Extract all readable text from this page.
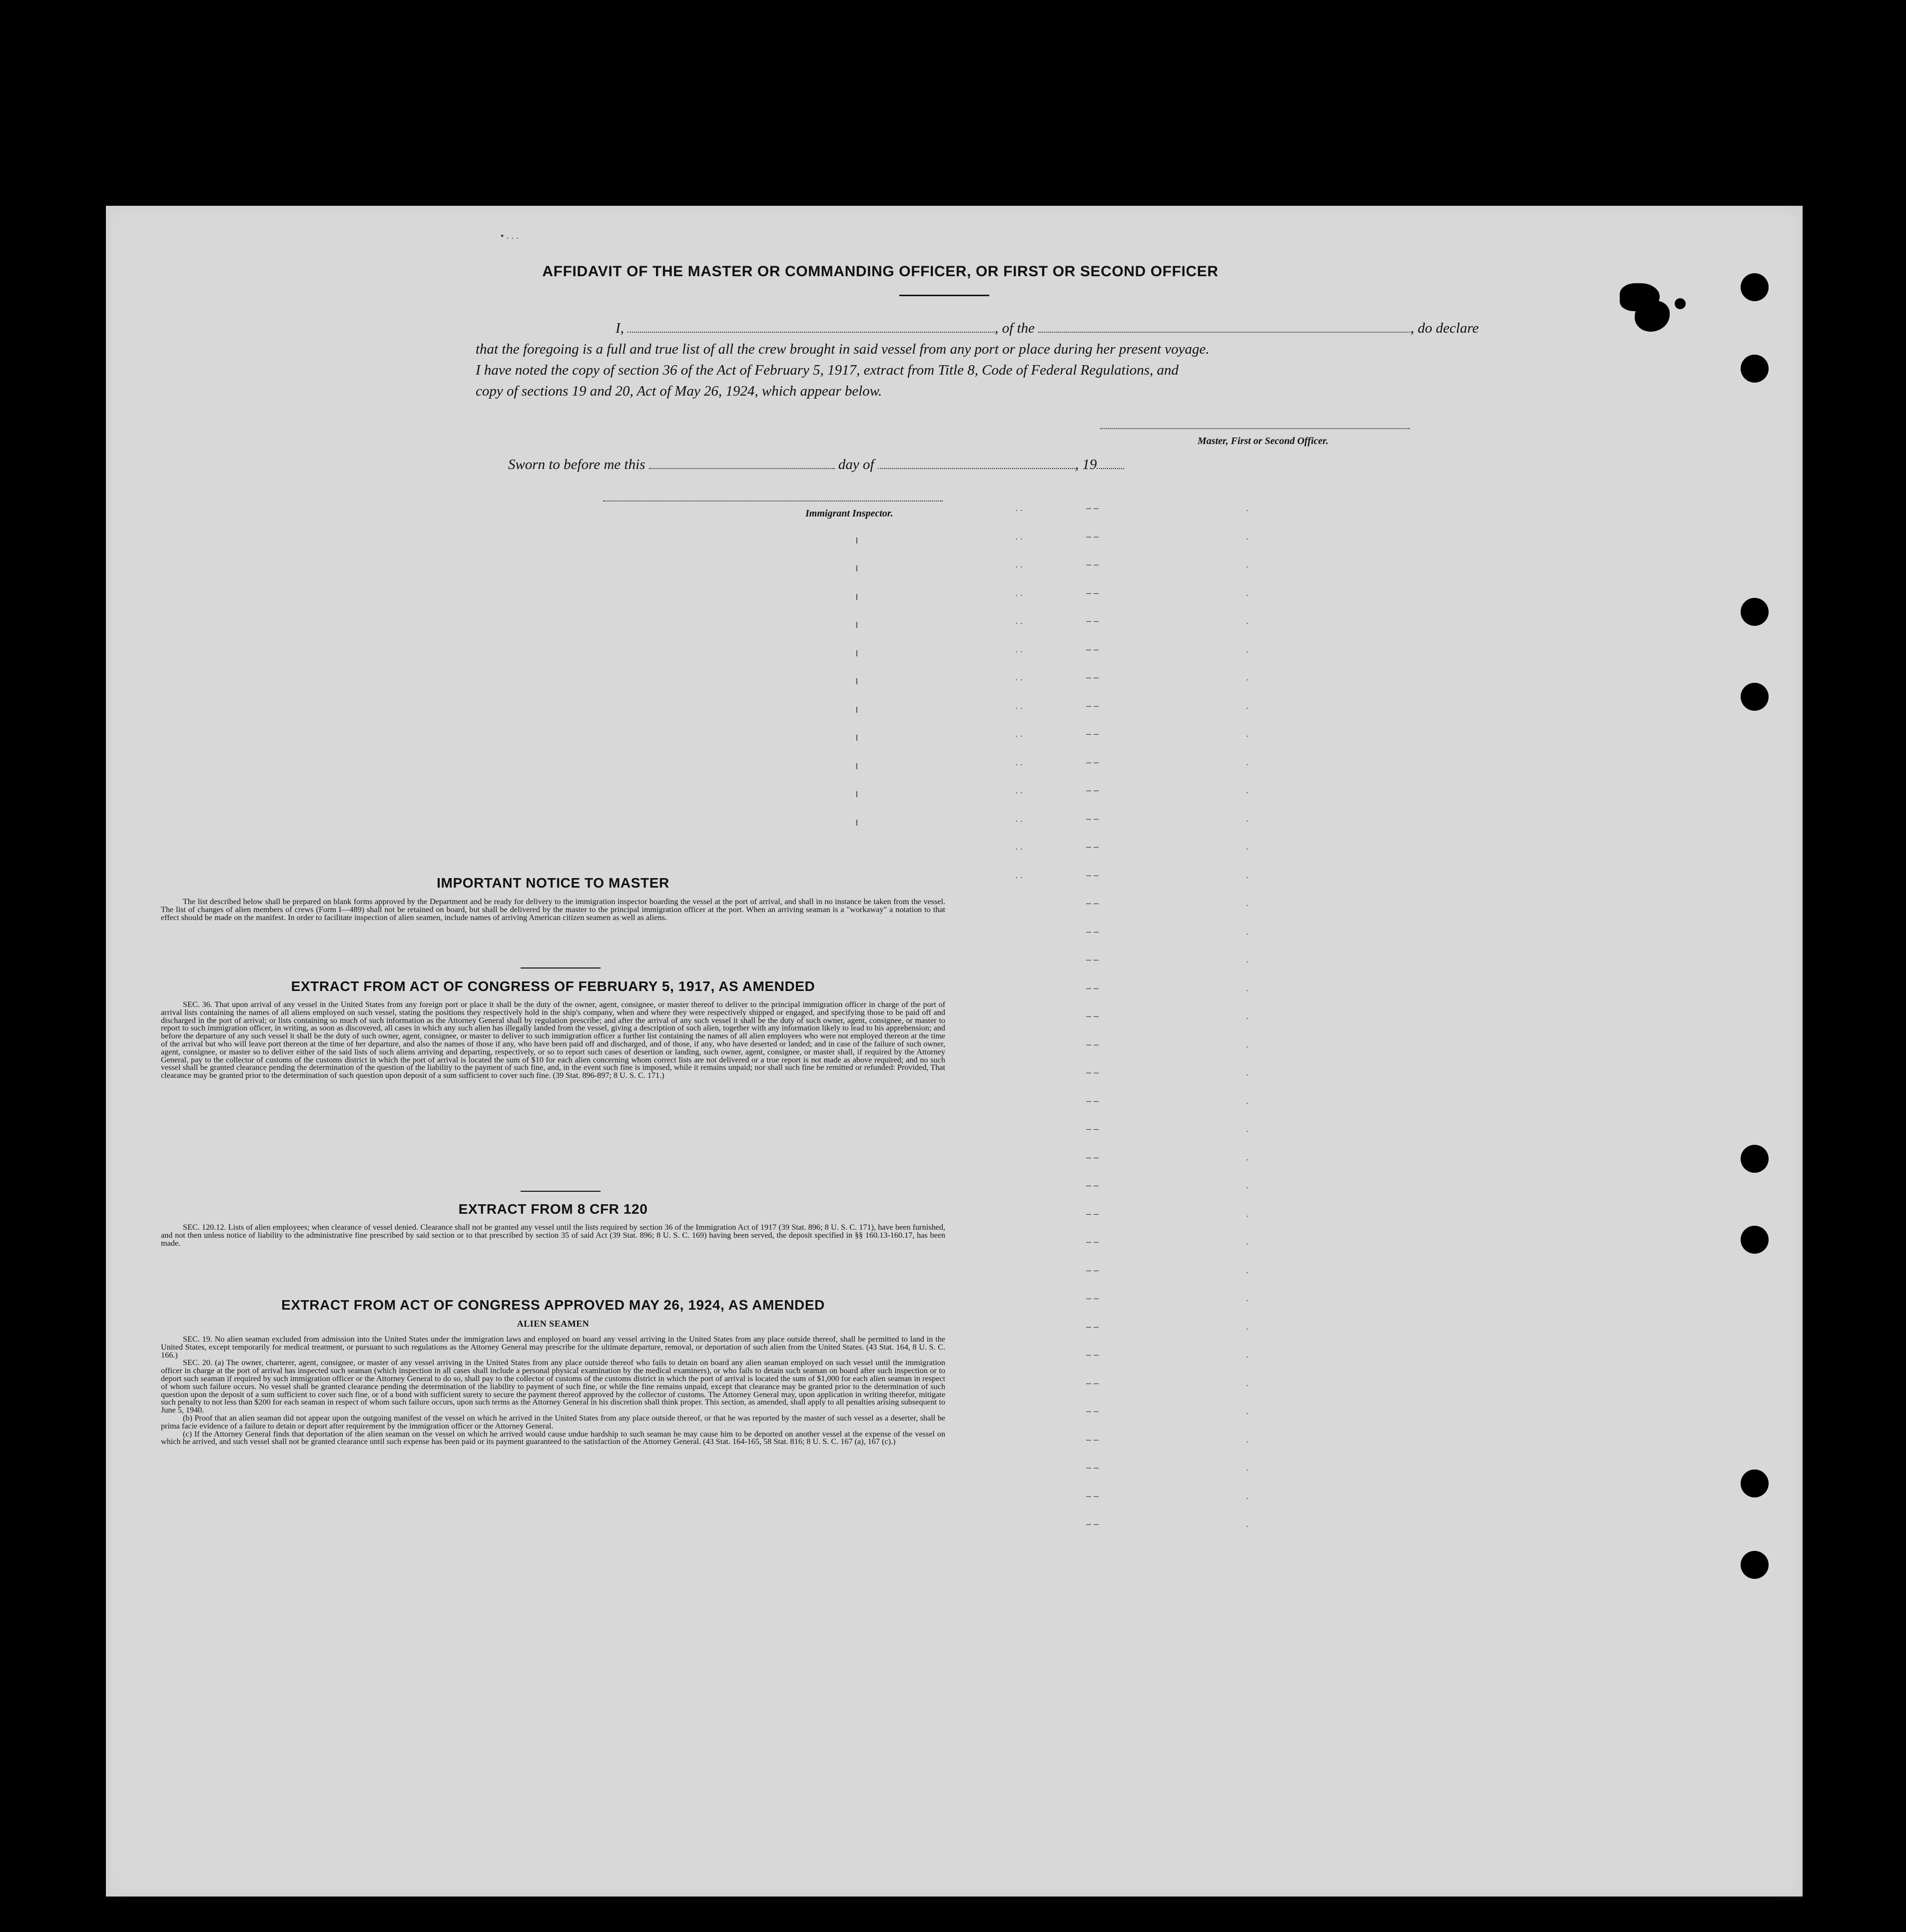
AFFIDAVIT OF THE MASTER OR COMMANDING OFFICER, OR FIRST OR SECOND OFFICER
I,	, of the	, do declare
that the foregoing is a full and true list of all the crew brought in said vessel from any port or place during her present voyage.
I have noted the copy of section 36 of the Act of February 5, 1917, extract from Title 8, Code of Federal Regulations, and
copy of sections 19 and 20, Act of May 26, 1924, which appear below.
Master, First or Second Officer.
Sworn to before me this	day of	, 19
Immigrant Inspector.	. .	– –	.
. .	– –	.
. .	– –	.
. .	– –	.
. .	– –	.
. .	– –	.
. .	– –	.
. .	– –	.
. .	– –	.
. .	– –	.
. .	– –	.
. .	– –	.
. .	– –	.
. .	– –	.
– –	.
– –	.
– –	.
– –	.
– –	.
– –	.
– –	.
– –	.
– –	.
– –	.
– –	.
– –	.
– –	.
– –	.
– –	.
– –	.
– –	.
– –	.
– –	.
– –	.
– –	.
– –	.
– –	.
IMPORTANT NOTICE TO MASTER

The list described below shall be prepared on blank forms approved by the Department and be ready for delivery to the immigration inspector boarding the vessel at the port of arrival, and shall in no instance be taken from the vessel. The list of changes of alien members of crews (Form I—489) shall not be retained on board, but shall be delivered by the master to the principal immigration officer at the port. When an arriving seaman is a "workaway" a notation to that effect should be made on the manifest. In order to facilitate inspection of alien seamen, include names of arriving American citizen seamen as well as aliens.

EXTRACT FROM ACT OF CONGRESS OF FEBRUARY 5, 1917, AS AMENDED

SEC. 36. That upon arrival of any vessel in the United States from any foreign port or place it shall be the duty of the owner, agent, consignee, or master thereof to deliver to the principal immigration officer in charge of the port of arrival lists containing the names of all aliens employed on such vessel, stating the positions they respectively hold in the ship's company, when and where they were respectively shipped or engaged, and specifying those to be paid off and discharged in the port of arrival; or lists containing so much of such information as the Attorney General shall by regulation prescribe; and after the arrival of any such vessel it shall be the duty of such owner, agent, consignee, or master to report to such immigration officer, in writing, as soon as discovered, all cases in which any such alien has illegally landed from the vessel, giving a description of such alien, together with any information likely to lead to his apprehension; and before the departure of any such vessel it shall be the duty of such owner, agent, consignee, or master to deliver to such immigration officer a further list containing the names of all alien employees who were not employed thereon at the time of the arrival but who will leave port thereon at the time of her departure, and also the names of those if any, who have been paid off and discharged, and of those, if any, who have deserted or landed; and in case of the failure of such owner, agent, consignee, or master so to deliver either of the said lists of such aliens arriving and departing, respectively, or so to report such cases of desertion or landing, such owner, agent, consignee, or master shall, if required by the Attorney General, pay to the collector of customs of the customs district in which the port of arrival is located the sum of $10 for each alien concerning whom correct lists are not delivered or a true report is not made as above required; and no such vessel shall be granted clearance pending the determination of the question of the liability to the payment of such fine, and, in the event such fine is imposed, while it remains unpaid; nor shall such fine be remitted or refunded: Provided, That clearance may be granted prior to the determination of such question upon deposit of a sum sufficient to cover such fine. (39 Stat. 896-897; 8 U. S. C. 171.)

EXTRACT FROM 8 CFR 120

SEC. 120.12. Lists of alien employees; when clearance of vessel denied. Clearance shall not be granted any vessel until the lists required by section 36 of the Immigration Act of 1917 (39 Stat. 896; 8 U. S. C. 171), have been furnished, and not then unless notice of liability to the administrative fine prescribed by said section or to that prescribed by section 35 of said Act (39 Stat. 896; 8 U. S. C. 169) having been served, the deposit specified in §§ 160.13-160.17, has been made.

EXTRACT FROM ACT OF CONGRESS APPROVED MAY 26, 1924, AS AMENDED
ALIEN SEAMEN

SEC. 19. No alien seaman excluded from admission into the United States under the immigration laws and employed on board any vessel arriving in the United States from any place outside thereof, shall be permitted to land in the United States, except temporarily for medical treatment, or pursuant to such regulations as the Attorney General may prescribe for the ultimate departure, removal, or deportation of such alien from the United States. (43 Stat. 164, 8 U. S. C. 166.)

SEC. 20. (a) The owner, charterer, agent, consignee, or master of any vessel arriving in the United States from any place outside thereof who fails to detain on board any alien seaman employed on such vessel until the immigration officer in charge at the port of arrival has inspected such seaman (which inspection in all cases shall include a personal physical examination by the medical examiners), or who fails to detain such seaman on board after such inspection or to deport such seaman if required by such immigration officer or the Attorney General to do so, shall pay to the collector of customs of the customs district in which the port of arrival is located the sum of $1,000 for each alien seaman in respect of whom such failure occurs. No vessel shall be granted clearance pending the determination of the liability to payment of such fine, or while the fine remains unpaid, except that clearance may be granted prior to the determination of such question upon the deposit of a sum sufficient to cover such fine, or of a bond with sufficient surety to secure the payment thereof approved by the collector of customs. The Attorney General may, upon application in writing therefor, mitigate such penalty to not less than $200 for each seaman in respect of whom such failure occurs, upon such terms as the Attorney General in his discretion shall think proper. This section, as amended, shall apply to all penalties arising subsequent to June 5, 1940.

(b) Proof that an alien seaman did not appear upon the outgoing manifest of the vessel on which he arrived in the United States from any place outside thereof, or that he was reported by the master of such vessel as a deserter, shall be prima facie evidence of a failure to detain or deport after requirement by the immigration officer or the Attorney General.

(c) If the Attorney General finds that deportation of the alien seaman on the vessel on which he arrived would cause undue hardship to such seaman he may cause him to be deported on another vessel at the expense of the vessel on which he arrived, and such vessel shall not be granted clearance until such expense has been paid or its payment guaranteed to the satisfaction of the Attorney General. (43 Stat. 164-165, 58 Stat. 816; 8 U. S. C. 167 (a), 167 (c).)

• . . .
